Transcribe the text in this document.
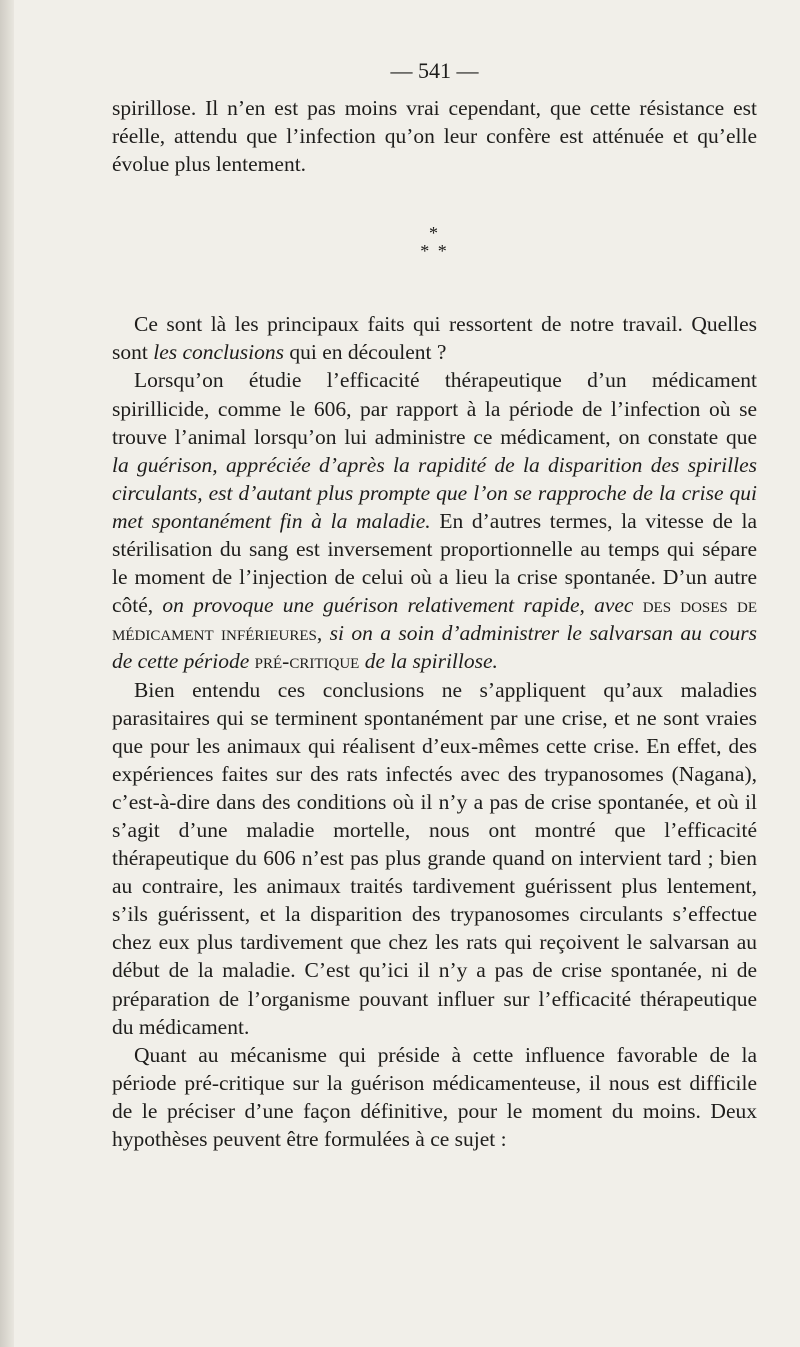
— 541 —

spirillose. Il n’en est pas moins vrai cependant, que cette résistance est réelle, attendu que l’infection qu’on leur confère est atténuée et qu’elle évolue plus lentement.

*
* *

Ce sont là les principaux faits qui ressortent de notre travail. Quelles sont les conclusions qui en découlent ?

Lorsqu’on étudie l’efficacité thérapeutique d’un médicament spirillicide, comme le 606, par rapport à la période de l’infection où se trouve l’animal lorsqu’on lui administre ce médicament, on constate que la guérison, appréciée d’après la rapidité de la disparition des spirilles circulants, est d’autant plus prompte que l’on se rapproche de la crise qui met spontanément fin à la maladie. En d’autres termes, la vitesse de la stérilisation du sang est inversement proportionnelle au temps qui sépare le moment de l’injection de celui où a lieu la crise spontanée. D’un autre côté, on provoque une guérison relativement rapide, avec des doses de médicament inférieures, si on a soin d’administrer le salvarsan au cours de cette période pré-critique de la spirillose.

Bien entendu ces conclusions ne s’appliquent qu’aux maladies parasitaires qui se terminent spontanément par une crise, et ne sont vraies que pour les animaux qui réalisent d’eux-mêmes cette crise. En effet, des expériences faites sur des rats infectés avec des trypanosomes (Nagana), c’est-à-dire dans des conditions où il n’y a pas de crise spontanée, et où il s’agit d’une maladie mortelle, nous ont montré que l’efficacité thérapeutique du 606 n’est pas plus grande quand on intervient tard ; bien au contraire, les animaux traités tardivement guérissent plus lentement, s’ils guérissent, et la disparition des trypanosomes circulants s’effectue chez eux plus tardivement que chez les rats qui reçoivent le salvarsan au début de la maladie. C’est qu’ici il n’y a pas de crise spontanée, ni de préparation de l’organisme pouvant influer sur l’efficacité thérapeutique du médicament.

Quant au mécanisme qui préside à cette influence favorable de la période pré-critique sur la guérison médicamenteuse, il nous est difficile de le préciser d’une façon définitive, pour le moment du moins. Deux hypothèses peuvent être formulées à ce sujet :
